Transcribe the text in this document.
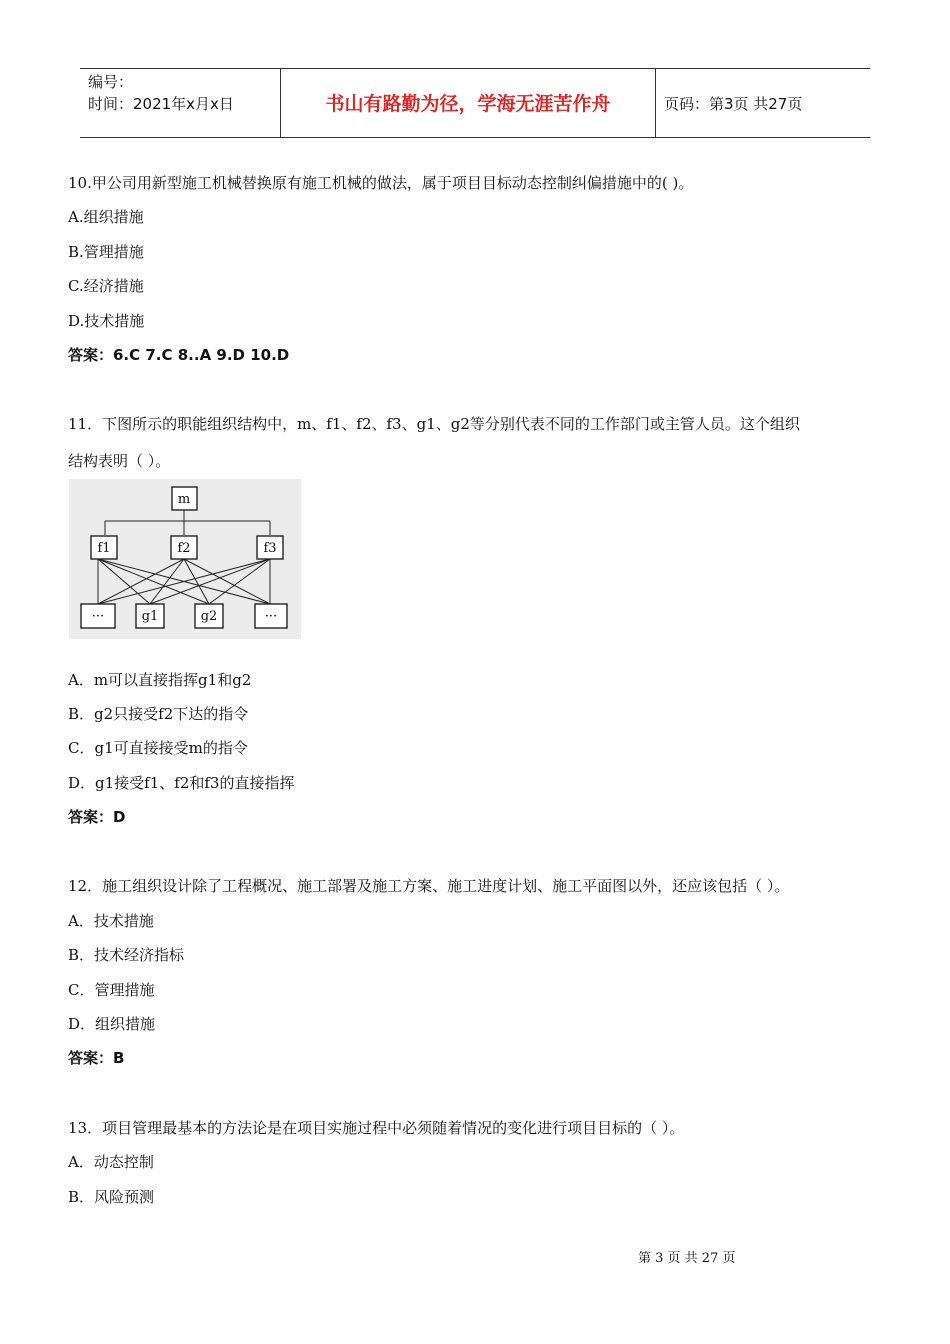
编号：
时间：2021年x月x日	书山有路勤为径，学海无涯苦作舟	页码：第3页 共27页
10.甲公司用新型施工机械替换原有施工机械的做法，属于项目目标动态控制纠偏措施中的( )。
A.组织措施
B.管理措施
C.经济措施
D.技术措施
答案：6.C 7.C 8..A 9.D 10.D
11．下图所示的职能组织结构中，m、f1、f2、f3、g1、g2等分别代表不同的工作部门或主管人员。这个组织
结构表明（ ）。
m
f1	f2	f3
···	g1	g2	···
A．m可以直接指挥g1和g2
B．g2只接受f2下达的指令
C．g1可直接接受m的指令
D．g1接受f1、f2和f3的直接指挥
答案：D
12．施工组织设计除了工程概况、施工部署及施工方案、施工进度计划、施工平面图以外，还应该包括（ ）。
A．技术措施
B．技术经济指标
C．管理措施
D．组织措施
答案：B
13．项目管理最基本的方法论是在项目实施过程中必须随着情况的变化进行项目目标的（ ）。
A．动态控制
B．风险预测
第 3 页 共 27 页
